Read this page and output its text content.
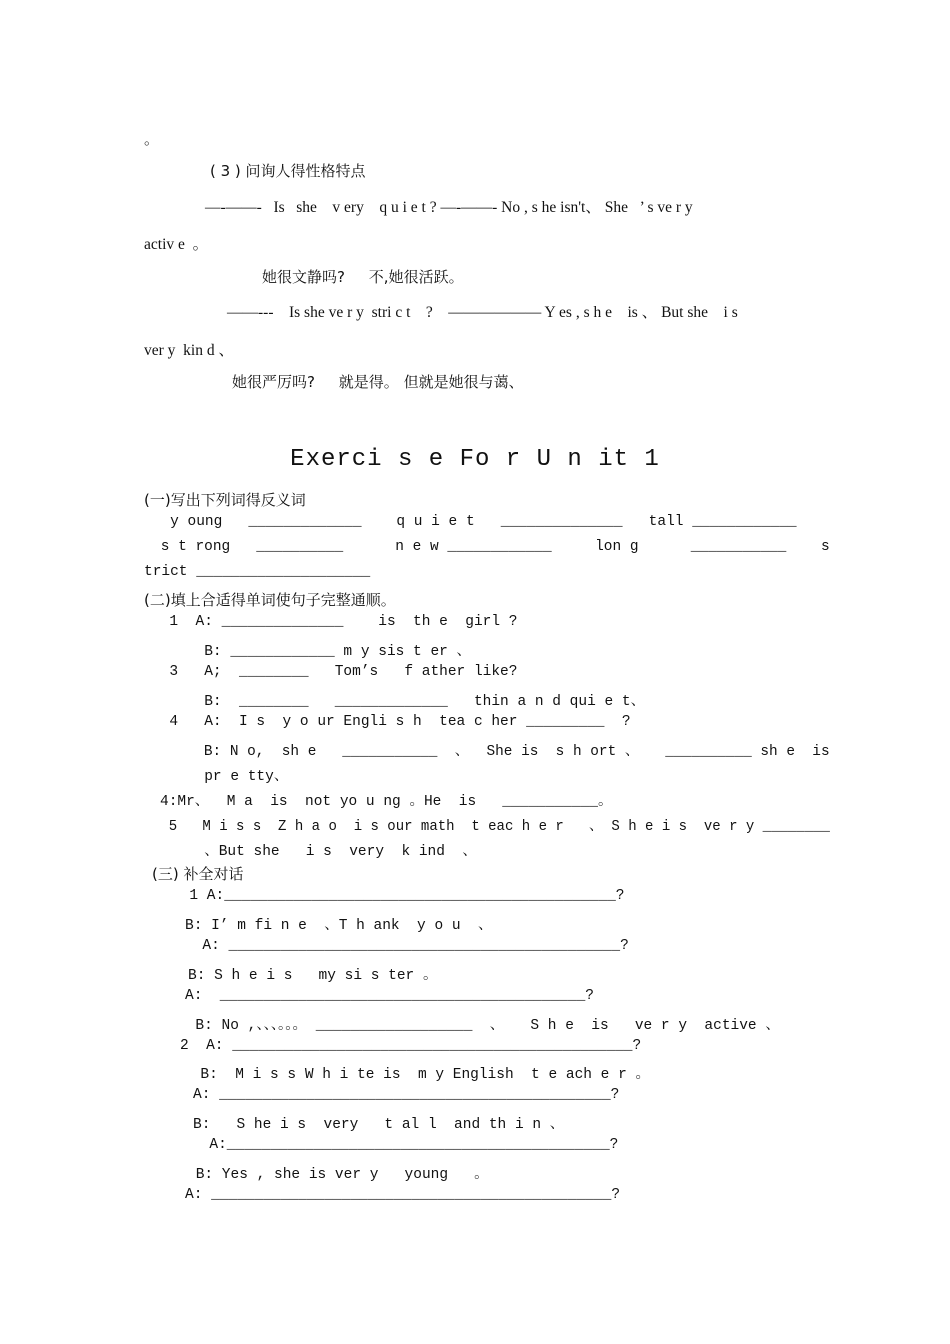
。
( 3 ) 问询人得性格特点
—-——-   Is   she    v ery    q u i e t ? —-——- No , s he isn't、 She   ’ s ve r y
activ e  。
她很文静吗?     不,她很活跃。
——---    Is she ve r y  stri c t    ?    —————— Y es , s h e    is 、 But she    i s
ver y  kin d 、
她很严厉吗?     就是得。 但就是她很与蔼、
Exerci s e Fo r U n it 1
(一)写出下列词得反义词
y oung   _____________    q u i e t   ______________   tall ____________
s t rong   __________      n e w ____________     lon g      ___________    s
trict ____________________
(二)填上合适得单词使句子完整通顺。
1  A: ______________    is  th e  girl ?
B: ____________ m y sis t er 、
3   A;  ________   Tom’s   f ather like?
B:  ________   _____________   thin a n d qui e t、
4   A:  I s  y o ur Engli s h  tea c her _________  ?
B: N o,  sh e   ___________  、  She is  s h ort 、   __________ sh e  is
pr e tty、
4:Mr、  M a  is  not yo u ng 。He  is   ___________。
5   M i s s  Z h a o  i s our math  t eac h e r   、 S h e i s  ve r y ________
、But she   i s  very  k ind  、
(三) 补全对话
1 A:_____________________________________________?
B: I’ m fi n e  、T h ank  y o u  、
A: _____________________________________________?
B: S h e i s   my si s ter 。
A:  __________________________________________?
B: No ,、、、。。。 __________________  、   S h e  is   ve r y  active 、
2  A: ______________________________________________?
B:  M i s s W h i te is  m y English  t e ach e r 。
A: _____________________________________________?
B:   S he i s  very   t al l  and th i n 、
A:____________________________________________?
B: Yes , she is ver y   young   。
A: ______________________________________________?
